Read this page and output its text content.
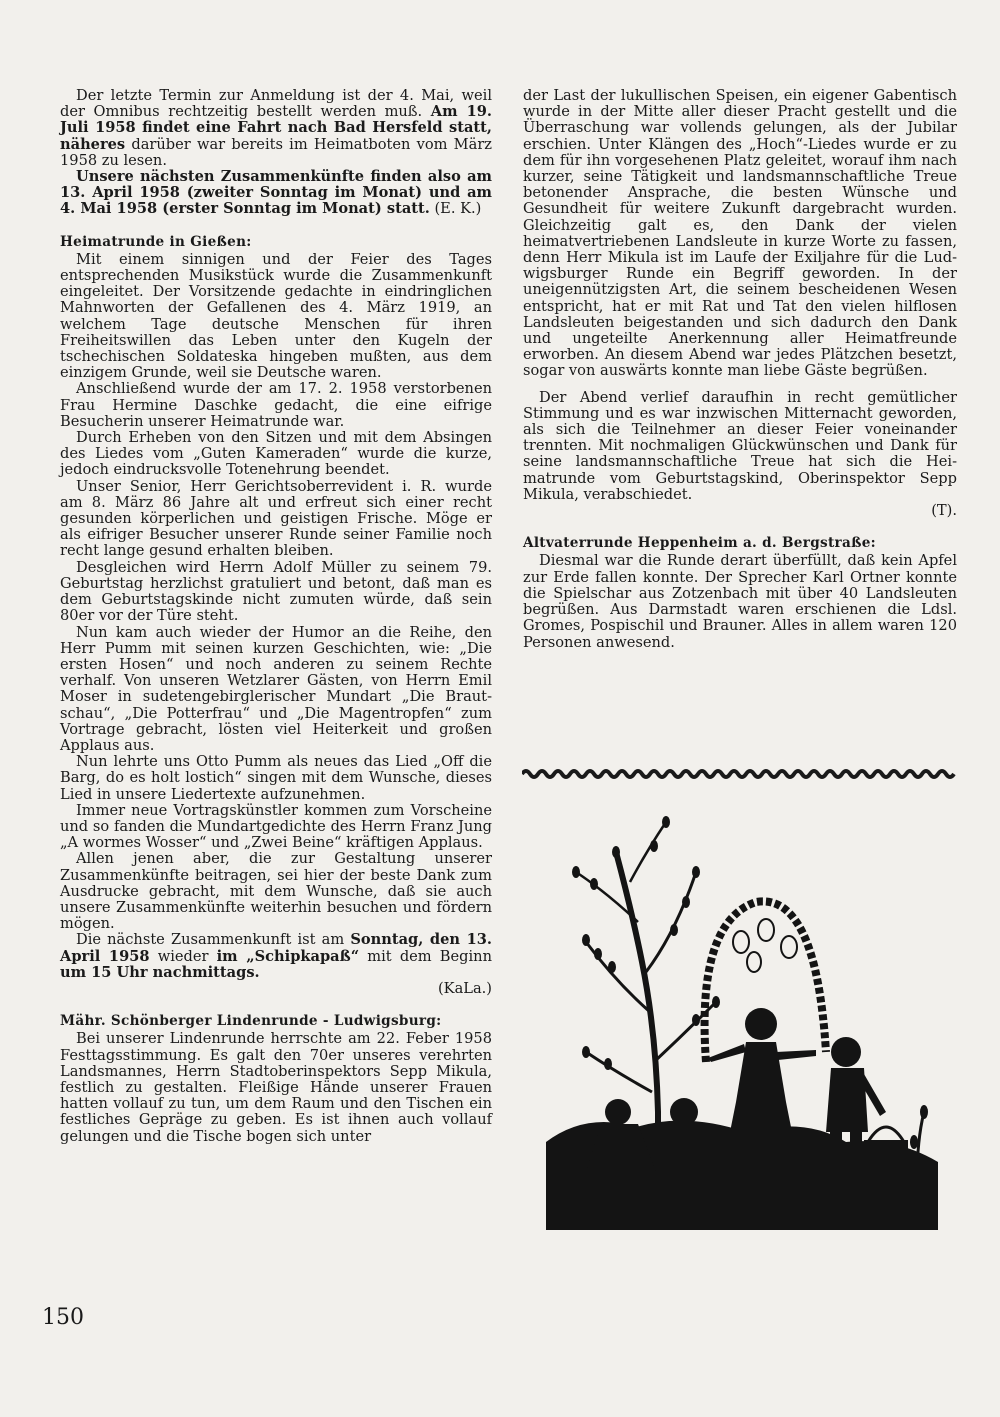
Der letzte Termin zur Anmeldung ist der 4. Mai, weil der Omnibus rechtzeitig bestellt werden muß. Am 19. Juli 1958 findet eine Fahrt nach Bad Hersfeld statt, näheres darüber war bereits im Heimatboten vom März 1958 zu lesen.

Unsere nächsten Zusammenkünfte finden also am 13. April 1958 (zweiter Sonntag im Monat) und am 4. Mai 1958 (erster Sonntag im Monat) statt. (E. K.)

Heimatrunde in Gießen:

Mit einem sinnigen und der Feier des Tages entsprechenden Musikstück wurde die Zusammenkunft eingeleitet. Der Vorsitzende gedachte in eindringlichen Mahnworten der Gefallenen des 4. März 1919, an welchem Tage deutsche Menschen für ihren Freiheitswillen das Leben unter den Kugeln der tschechischen Soldateska hingeben mußten, aus dem einzigem Grunde, weil sie Deutsche waren.

Anschließend wurde der am 17. 2. 1958 verstorbenen Frau Hermine Daschke gedacht, die eine eifrige Besucherin unserer Heimatrunde war.

Durch Erheben von den Sitzen und mit dem Absingen des Liedes vom „Guten Kameraden“ wurde die kurze, jedoch eindrucksvolle Totenehrung beendet.

Unser Senior, Herr Gerichtsoberrevident i. R. wurde am 8. März 86 Jahre alt und erfreut sich einer recht gesunden körperlichen und geistigen Frische. Möge er als eifriger Besucher unserer Runde seiner Familie noch recht lange gesund erhalten bleiben.

Desgleichen wird Herrn Adolf Müller zu seinem 79. Geburtstag herzlichst gratuliert und betont, daß man es dem Geburtstagskinde nicht zumuten würde, daß sein 80er vor der Türe steht.

Nun kam auch wieder der Humor an die Reihe, den Herr Pumm mit seinen kurzen Geschichten, wie: „Die ersten Hosen“ und noch anderen zu seinem Rechte verhalf. Von unseren Wetzlarer Gästen, von Herrn Emil Moser in sudetengebirglerischer Mundart „Die Brautschau“, „Die Potterfrau“ und „Die Magentropfen“ zum Vortrage gebracht, lösten viel Heiterkeit und großen Applaus aus.

Nun lehrte uns Otto Pumm als neues das Lied „Off die Barg, do es holt lostich“ singen mit dem Wunsche, dieses Lied in unsere Liedertexte aufzunehmen.

Immer neue Vortragskünstler kommen zum Vorscheine und so fanden die Mundartgedichte des Herrn Franz Jung „A wormes Wosser“ und „Zwei Beine“ kräftigen Applaus.

Allen jenen aber, die zur Gestaltung unserer Zusammenkünfte beitragen, sei hier der beste Dank zum Ausdrucke gebracht, mit dem Wunsche, daß sie auch unsere Zusammenkünfte weiterhin besuchen und fördern mögen.

Die nächste Zusammenkunft ist am Sonntag, den 13. April 1958 wieder im „Schipkapaß“ mit dem Beginn um 15 Uhr nachmittags.

(KaLa.)

Mähr. Schönberger Lindenrunde - Ludwigsburg:

Bei unserer Lindenrunde herrschte am 22. Feber 1958 Festtagsstimmung. Es galt den 70er unseres verehrten Landsmannes, Herrn Stadtoberinspektors Sepp Mikula, festlich zu gestalten. Fleißige Hände unserer Frauen hatten vollauf zu tun, um dem Raum und den Tischen ein festliches Gepräge zu geben. Es ist ihnen auch vollauf gelungen und die Tische bogen sich unter

der Last der lukullischen Speisen, ein eigener Gabentisch wurde in der Mitte aller dieser Pracht gestellt und die Überraschung war vollends gelungen, als der Jubilar erschien. Unter Klängen des „Hoch“-Liedes wurde er zu dem für ihn vorgesehenen Platz geleitet, worauf ihm nach kurzer, seine Tätigkeit und landsmannschaftliche Treue betonender Ansprache, die besten Wünsche und Gesundheit für weitere Zukunft dargebracht wurden. Gleichzeitig galt es, den Dank der vielen heimatvertriebenen Landsleute in kurze Worte zu fassen, denn Herr Mikula ist im Laufe der Exiljahre für die Ludwigsburger Runde ein Begriff geworden. In der uneigennützigsten Art, die seinem bescheidenen Wesen entspricht, hat er mit Rat und Tat den vielen hilflosen Landsleuten beigestanden und sich dadurch den Dank und ungeteilte Anerkennung aller Heimatfreunde erworben. An diesem Abend war jedes Plätzchen besetzt, sogar von auswärts konnte man liebe Gäste begrüßen.

Der Abend verlief daraufhin in recht gemütlicher Stimmung und es war inzwischen Mitternacht geworden, als sich die Teilnehmer an dieser Feier voneinander trennten. Mit nochmaligen Glückwünschen und Dank für seine landsmannschaftliche Treue hat sich die Heimatrunde vom Geburtstagskind, Oberinspektor Sepp Mikula, verabschiedet.

(T).

Altvaterrunde Heppenheim a. d. Bergstraße:

Diesmal war die Runde derart überfüllt, daß kein Apfel zur Erde fallen konnte. Der Sprecher Karl Ortner konnte die Spielschar aus Zotzenbach mit über 40 Landsleuten begrüßen. Aus Darmstadt waren erschienen die Ldsl. Gromes, Pospischil und Brauner. Alles in allem waren 120 Personen anwesend.

150
